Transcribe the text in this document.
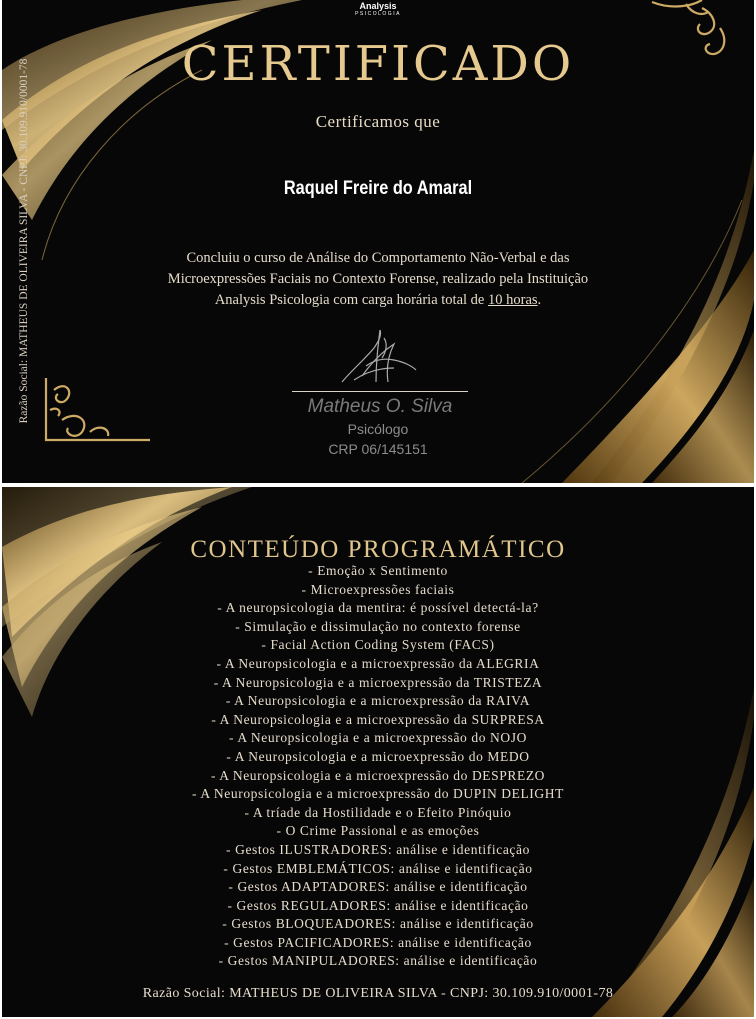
Analysis
PSICOLOGIA
CERTIFICADO
Certificamos que
Raquel Freire do Amaral
Concluiu o curso de Análise do Comportamento Não-Verbal e das
Microexpressões Faciais no Contexto Forense, realizado pela Instituição
Analysis Psicologia com carga horária total de 10 horas.
Razão Social: MATHEUS DE OLIVEIRA SILVA - CNPJ: 30.109.910/0001-78	Matheus O. Silva
Psicólogo
CRP 06/145151
CONTEÚDO PROGRAMÁTICO
- Emoção x Sentimento
- Microexpressões faciais
- A neuropsicologia da mentira: é possível detectá-la?
- Simulação e dissimulação no contexto forense
- Facial Action Coding System (FACS)
- A Neuropsicologia e a microexpressão da ALEGRIA
- A Neuropsicologia e a microexpressão da TRISTEZA
- A Neuropsicologia e a microexpressão da RAIVA
- A Neuropsicologia e a microexpressão da SURPRESA
- A Neuropsicologia e a microexpressão do NOJO
- A Neuropsicologia e a microexpressão do MEDO
- A Neuropsicologia e a microexpressão do DESPREZO
- A Neuropsicologia e a microexpressão do DUPIN DELIGHT
- A tríade da Hostilidade e o Efeito Pinóquio
- O Crime Passional e as emoções
- Gestos ILUSTRADORES: análise e identificação
- Gestos EMBLEMÁTICOS: análise e identificação
- Gestos ADAPTADORES: análise e identificação
- Gestos REGULADORES: análise e identificação
- Gestos BLOQUEADORES: análise e identificação
- Gestos PACIFICADORES: análise e identificação
- Gestos MANIPULADORES: análise e identificação
Razão Social: MATHEUS DE OLIVEIRA SILVA - CNPJ: 30.109.910/0001-78
